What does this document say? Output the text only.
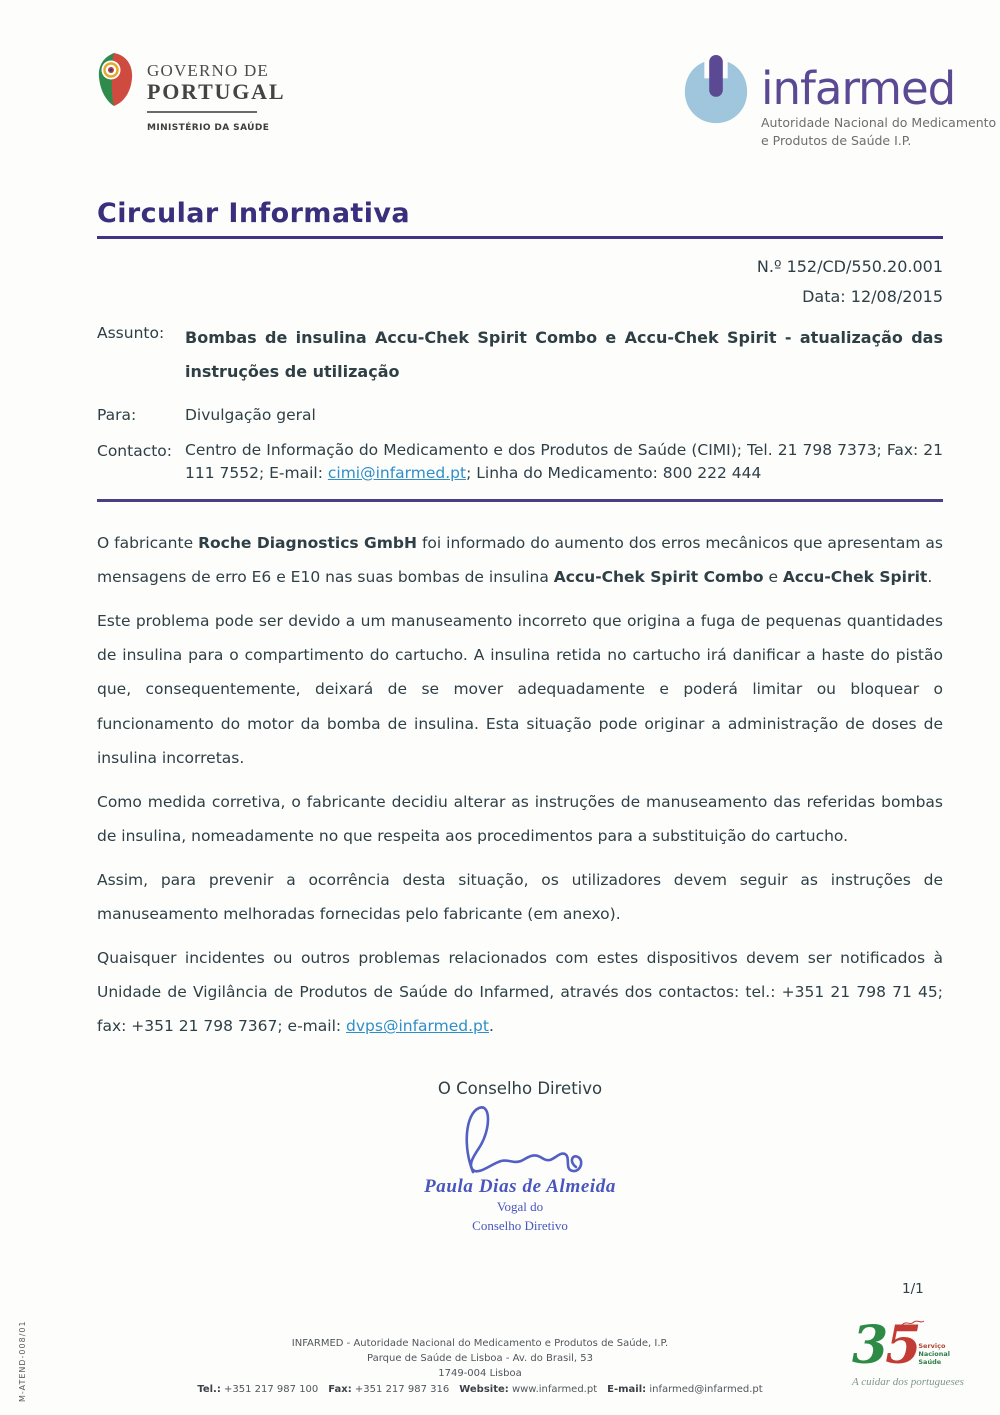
GOVERNO DE
PORTUGAL
MINISTÉRIO DA SAÚDE
infarmed
Autoridade Nacional do Medicamento
e Produtos de Saúde I.P.
Circular Informativa
N.º 152/CD/550.20.001
Data: 12/08/2015
Assunto:	Bombas de insulina Accu-Chek Spirit Combo e Accu-Chek Spirit - atualização das instruções de utilização
Para:	Divulgação geral
Contacto: Centro de Informação do Medicamento e dos Produtos de Saúde (CIMI); Tel. 21 798 7373; Fax: 21 111 7552; E-mail: cimi@infarmed.pt; Linha do Medicamento: 800 222 444

O fabricante Roche Diagnostics GmbH foi informado do aumento dos erros mecânicos que apresentam as mensagens de erro E6 e E10 nas suas bombas de insulina Accu-Chek Spirit Combo e Accu-Chek Spirit.

Este problema pode ser devido a um manuseamento incorreto que origina a fuga de pequenas quantidades de insulina para o compartimento do cartucho. A insulina retida no cartucho irá danificar a haste do pistão que, consequentemente, deixará de se mover adequadamente e poderá limitar ou bloquear o funcionamento do motor da bomba de insulina. Esta situação pode originar a administração de doses de insulina incorretas.

Como medida corretiva, o fabricante decidiu alterar as instruções de manuseamento das referidas bombas de insulina, nomeadamente no que respeita aos procedimentos para a substituição do cartucho.

Assim, para prevenir a ocorrência desta situação, os utilizadores devem seguir as instruções de manuseamento melhoradas fornecidas pelo fabricante (em anexo).

Quaisquer incidentes ou outros problemas relacionados com estes dispositivos devem ser notificados à Unidade de Vigilância de Produtos de Saúde do Infarmed, através dos contactos: tel.: +351 21 798 71 45; fax: +351 21 798 7367; e-mail: dvps@infarmed.pt.

O Conselho Diretivo
Paula Dias de Almeida
Vogal do
Conselho Diretivo
1/1
INFARMED - Autoridade Nacional do Medicamento e Produtos de Saúde, I.P.
Parque de Saúde de Lisboa - Av. do Brasil, 53
1749-004 Lisboa
Tel.: +351 217 987 100 Fax: +351 217 987 316 Website: www.infarmed.pt E-mail: infarmed@infarmed.pt
35 Serviço
Nacional
Saúde
A cuidar dos portugueses
M-ATEND-008/01
